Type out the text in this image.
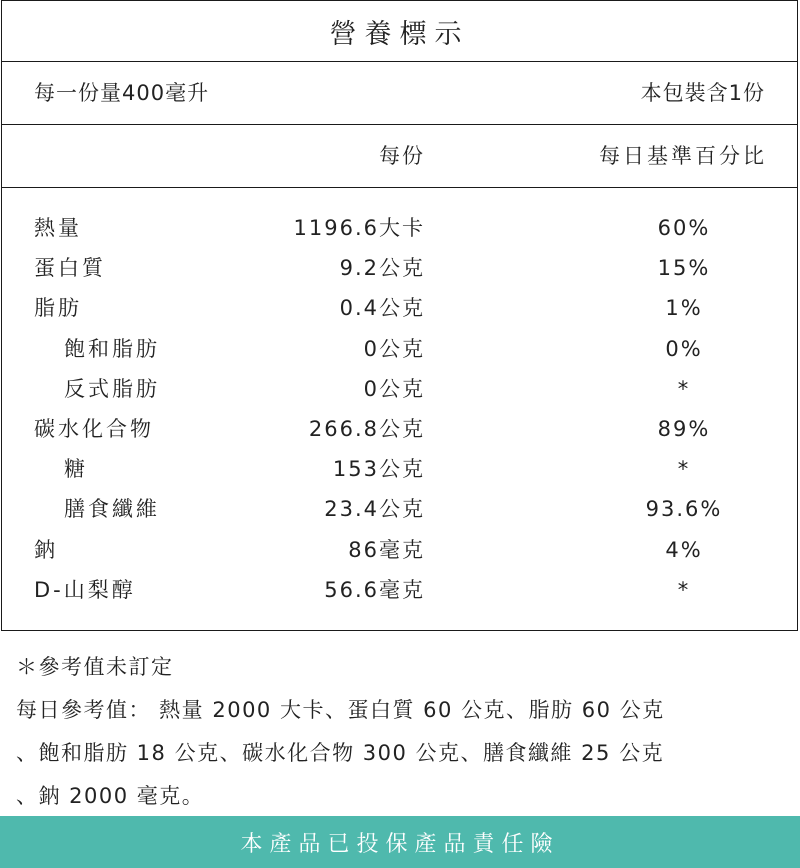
營養標示
每一份量400毫升	本包裝含1份
每份	每日基準百分比
熱量	1196.6大卡	60%
蛋白質	9.2公克	15%
脂肪	0.4公克	1%
飽和脂肪	0公克	0%
反式脂肪	0公克	*
碳水化合物	266.8公克	89%
糖	153公克	*
膳食纖維	23.4公克	93.6%
鈉	86毫克	4%
D-山梨醇	56.6毫克	*
＊參考值未訂定
每日參考值： 熱量 2000 大卡、蛋白質 60 公克、脂肪 60 公克
、飽和脂肪 18 公克、碳水化合物 300 公克、膳食纖維 25 公克
、鈉 2000 毫克。
本產品已投保產品責任險
